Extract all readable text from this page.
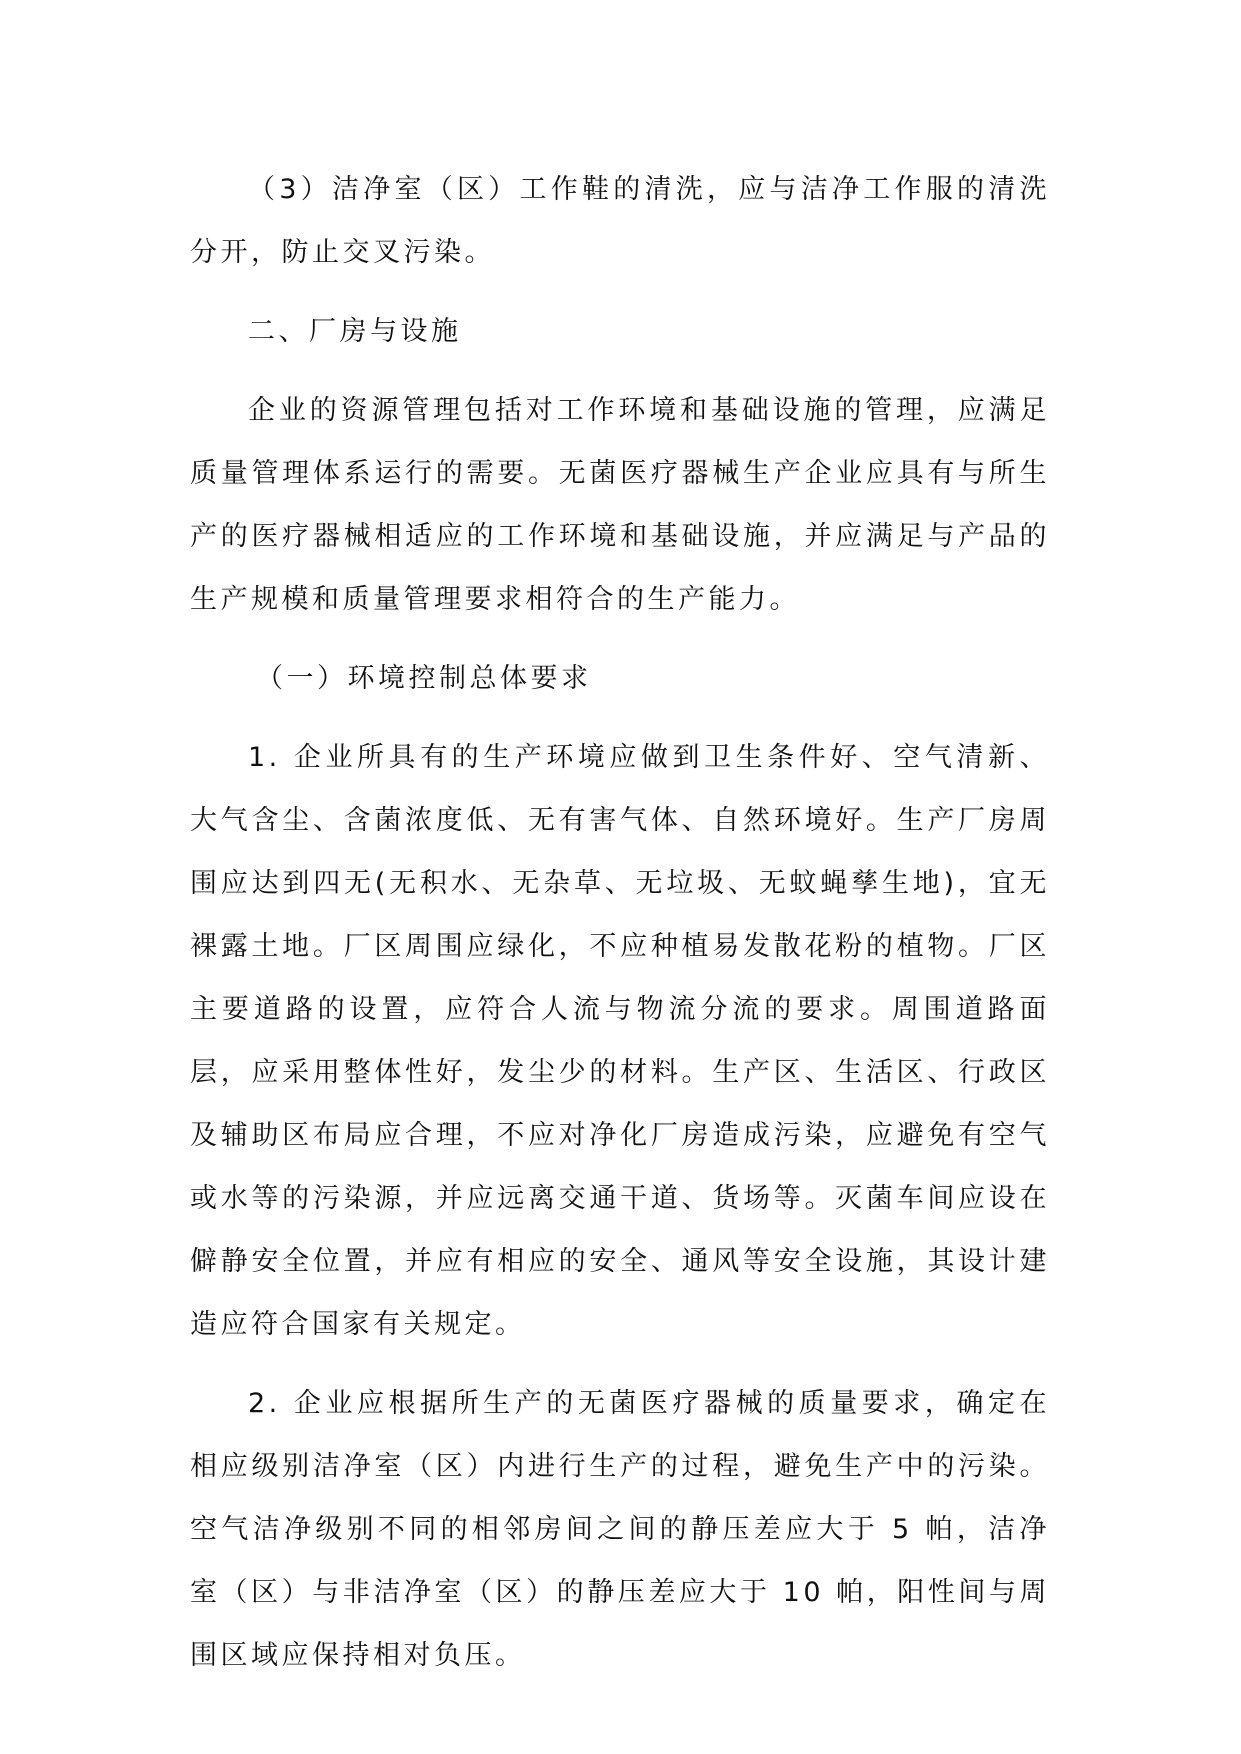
（3）洁净室（区）工作鞋的清洗，应与洁净工作服的清洗分开，防止交叉污染。

二、厂房与设施

企业的资源管理包括对工作环境和基础设施的管理，应满足质量管理体系运行的需要。无菌医疗器械生产企业应具有与所生产的医疗器械相适应的工作环境和基础设施，并应满足与产品的生产规模和质量管理要求相符合的生产能力。

（一）环境控制总体要求

1. 企业所具有的生产环境应做到卫生条件好、空气清新、大气含尘、含菌浓度低、无有害气体、自然环境好。生产厂房周围应达到四无(无积水、无杂草、无垃圾、无蚊蝇孳生地)，宜无裸露土地。厂区周围应绿化，不应种植易发散花粉的植物。厂区主要道路的设置，应符合人流与物流分流的要求。周围道路面层，应采用整体性好，发尘少的材料。生产区、生活区、行政区及辅助区布局应合理，不应对净化厂房造成污染，应避免有空气或水等的污染源，并应远离交通干道、货场等。灭菌车间应设在僻静安全位置，并应有相应的安全、通风等安全设施，其设计建造应符合国家有关规定。

2. 企业应根据所生产的无菌医疗器械的质量要求，确定在相应级别洁净室（区）内进行生产的过程，避免生产中的污染。空气洁净级别不同的相邻房间之间的静压差应大于 5 帕，洁净室（区）与非洁净室（区）的静压差应大于 10 帕，阳性间与周围区域应保持相对负压。
